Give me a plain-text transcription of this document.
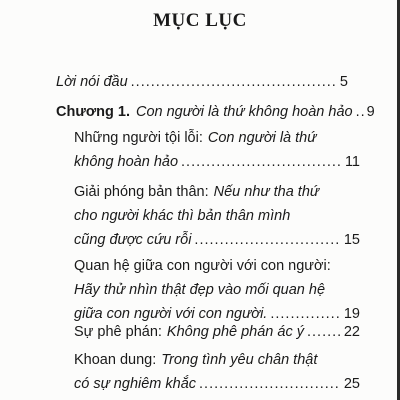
MỤC LỤC
Lời nói đầu .....	5
Chương 1. Con người là thứ không hoàn hảo ..... 9
Những người tội lỗi: Con người là thứ
không hoàn hảo .....	11
Giải phóng bản thân: Nếu như tha thứ
cho người khác thì bản thân mình
cũng được cứu rỗi .....	15
Quan hệ giữa con người với con người:
Hãy thử nhìn thật đẹp vào mối quan hệ
giữa con người với con người. .....	19
Sự phê phán: Không phê phán ác ý .....	22
Khoan dung: Trong tình yêu chân thật
có sự nghiêm khắc .....	25
